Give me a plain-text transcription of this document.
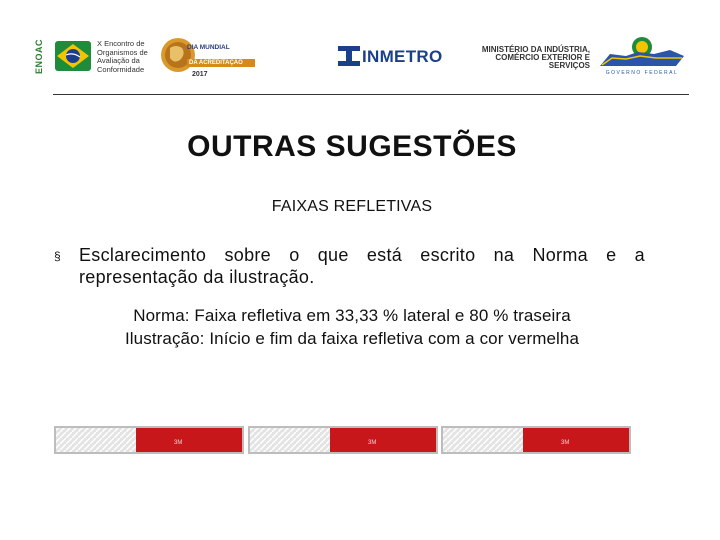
ENOAC	X Encontro de Organismos de Avaliação da Conformidade
DIA MUNDIAL
DA ACREDITAÇÃO
2017
INMETRO	MINISTÉRIO DA INDÚSTRIA, COMÉRCIO EXTERIOR E SERVIÇOS
GOVERNO FEDERAL
OUTRAS SUGESTÕES
FAIXAS REFLETIVAS
§ Esclarecimento sobre o que está escrito na Norma e a representação da ilustração.
Norma: Faixa refletiva em 33,33 % lateral e 80 % traseira
Ilustração: Início e fim da faixa refletiva com a cor vermelha
3M	3M	3M
